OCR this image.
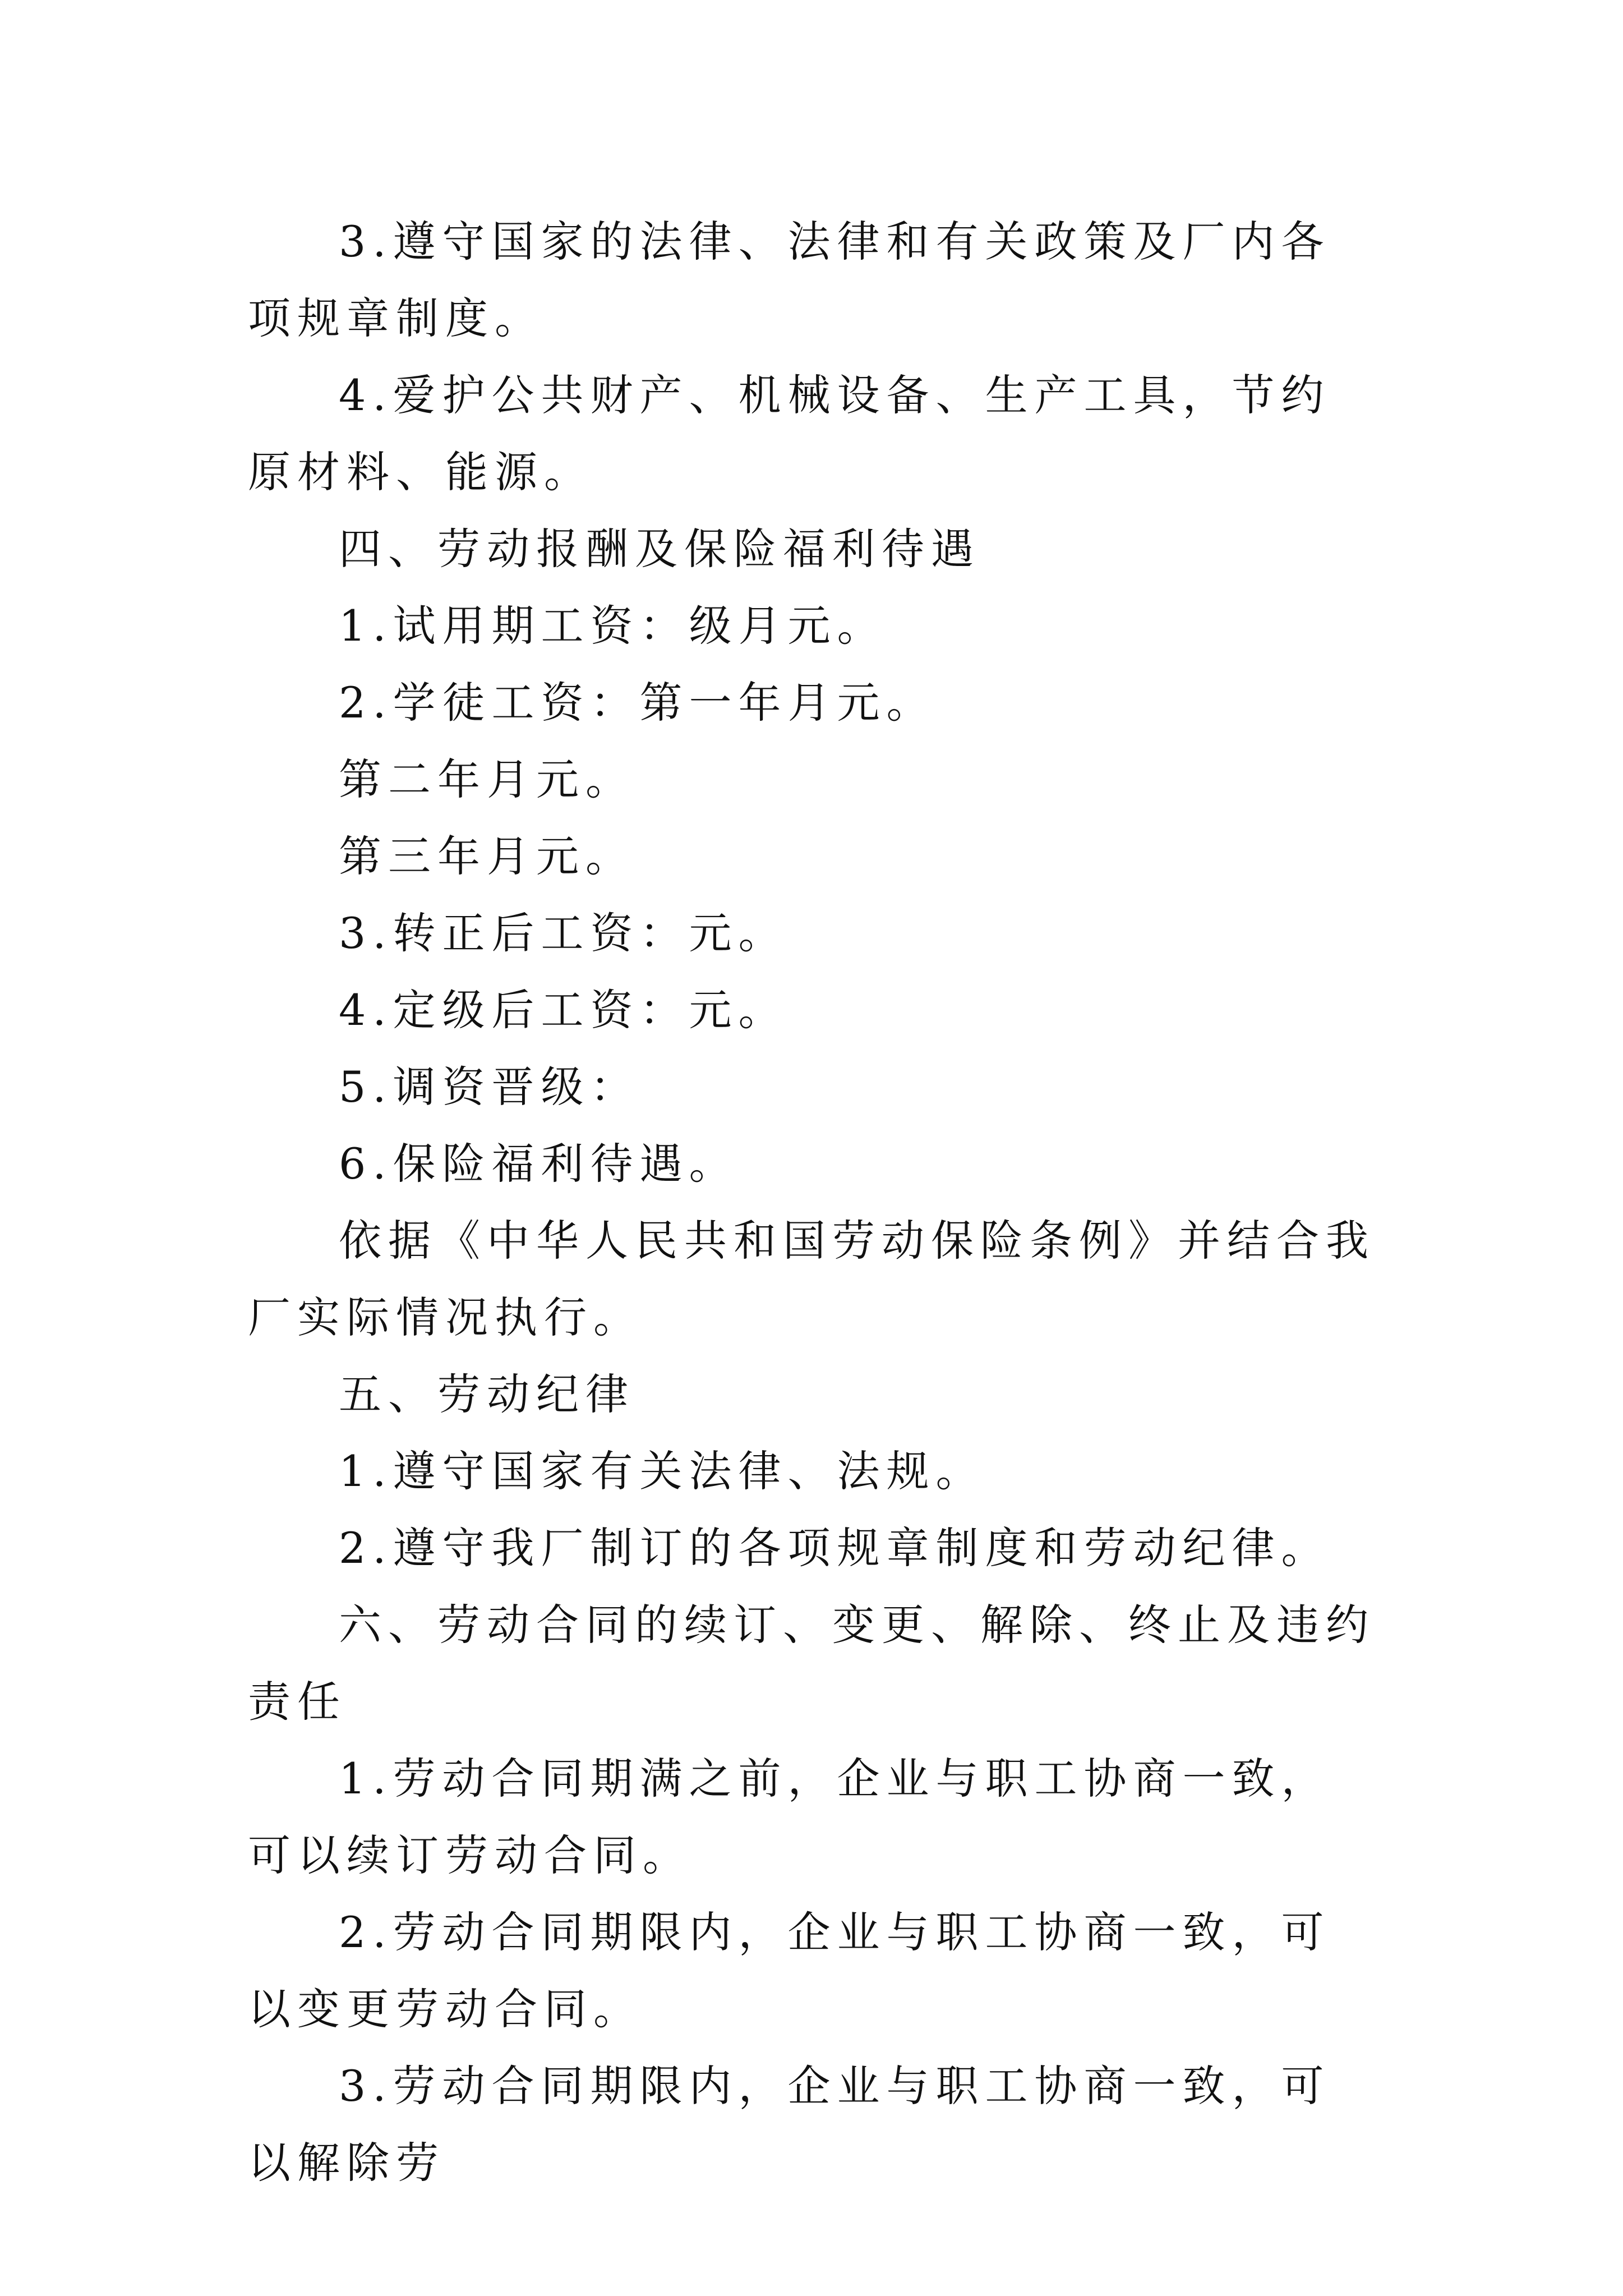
3.遵守国家的法律、法律和有关政策及厂内各项规章制度。

4.爱护公共财产、机械设备、生产工具，节约原材料、能源。

四、劳动报酬及保险福利待遇

1.试用期工资：级月元。

2.学徒工资：第一年月元。

第二年月元。

第三年月元。

3.转正后工资：元。

4.定级后工资：元。

5.调资晋级：

6.保险福利待遇。

依据《中华人民共和国劳动保险条例》并结合我厂实际情况执行。

五、劳动纪律

1.遵守国家有关法律、法规。

2.遵守我厂制订的各项规章制度和劳动纪律。

六、劳动合同的续订、变更、解除、终止及违约责任

1.劳动合同期满之前，企业与职工协商一致，可以续订劳动合同。

2.劳动合同期限内，企业与职工协商一致，可以变更劳动合同。

3.劳动合同期限内，企业与职工协商一致，可以解除劳
